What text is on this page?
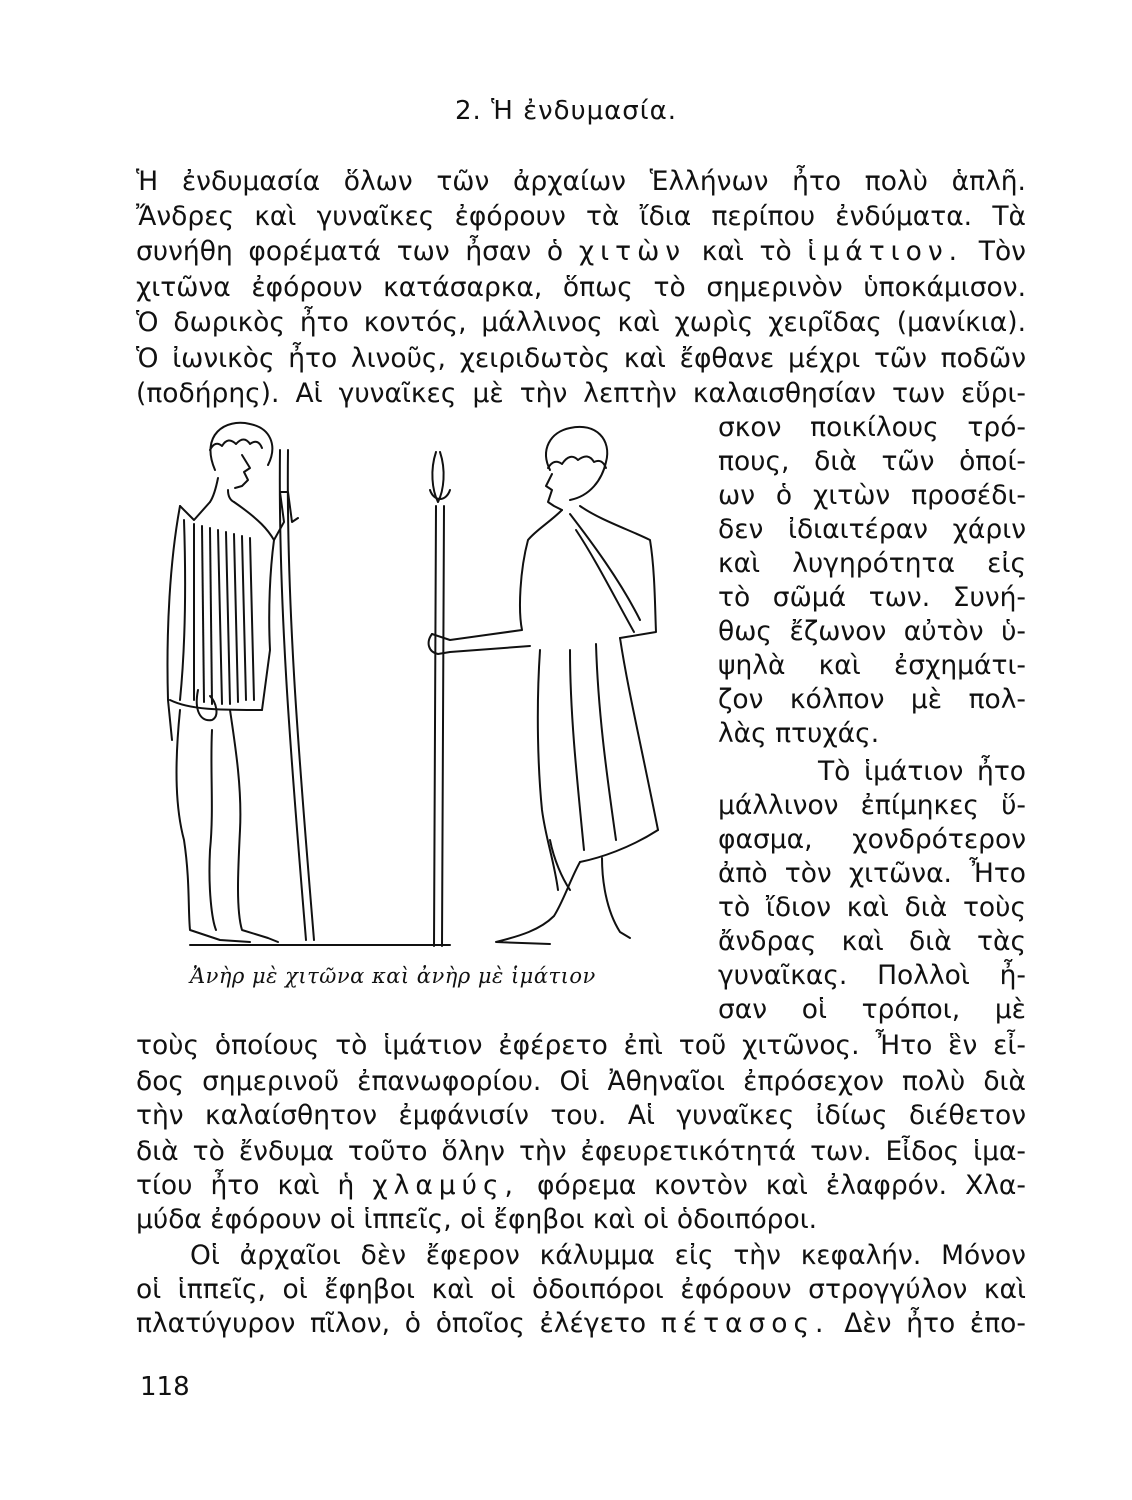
2. Ἡ ἐνδυμασία.
Ἡ ἐνδυμασία ὅλων τῶν ἀρχαίων Ἑλλήνων ἦτο πολὺ ἁπλῆ.
Ἄνδρες καὶ γυναῖκες ἐφόρουν τὰ ἴδια περίπου ἐνδύματα. Τὰ
συνήθη φορέματά των ἦσαν ὁ χιτὼν καὶ τὸ ἱμάτιον. Τὸν
χιτῶνα ἐφόρουν κατάσαρκα, ὅπως τὸ σημερινὸν ὑποκάμισον.
Ὁ δωρικὸς ἦτο κοντός, μάλλινος καὶ χωρὶς χειρῖδας (μανίκια).
Ὁ ἰωνικὸς ἦτο λινοῦς, χειριδωτὸς καὶ ἔφθανε μέχρι τῶν ποδῶν
(ποδήρης). Αἱ γυναῖκες μὲ τὴν λεπτὴν καλαισθησίαν των εὕρι-
σκον ποικίλους τρό-
πους, διὰ τῶν ὁποί-
ων ὁ χιτὼν προσέδι-
δεν ἰδιαιτέραν χάριν
καὶ λυγηρότητα εἰς
τὸ σῶμά των. Συνή-
θως ἔζωνον αὐτὸν ὑ-
ψηλὰ καὶ ἐσχημάτι-
ζον κόλπον μὲ πολ-
λὰς πτυχάς.
Τὸ ἱμάτιον ἦτο
μάλλινον ἐπίμηκες ὕ-
φασμα, χονδρότερον
ἀπὸ τὸν χιτῶνα. Ἦτο
τὸ ἴδιον καὶ διὰ τοὺς
ἄνδρας καὶ διὰ τὰς
γυναῖκας. Πολλοὶ ἦ-
σαν οἱ τρόποι, μὲ
τοὺς ὁποίους τὸ ἱμάτιον ἐφέρετο ἐπὶ τοῦ χιτῶνος. Ἦτο ἓν εἶ-
δος σημερινοῦ ἐπανωφορίου. Οἱ Ἀθηναῖοι ἐπρόσεχον πολὺ διὰ
τὴν καλαίσθητον ἐμφάνισίν του. Αἱ γυναῖκες ἰδίως διέθετον
διὰ τὸ ἔνδυμα τοῦτο ὅλην τὴν ἐφευρετικότητά των. Εἶδος ἱμα-
τίου ἦτο καὶ ἡ χλαμύς, φόρεμα κοντὸν καὶ ἐλαφρόν. Χλα-
μύδα ἐφόρουν οἱ ἱππεῖς, οἱ ἔφηβοι καὶ οἱ ὁδοιπόροι.
Οἱ ἀρχαῖοι δὲν ἔφερον κάλυμμα εἰς τὴν κεφαλήν. Μόνον
οἱ ἱππεῖς, οἱ ἔφηβοι καὶ οἱ ὁδοιπόροι ἐφόρουν στρογγύλον καὶ
πλατύγυρον πῖλον, ὁ ὁποῖος ἐλέγετο πέτασος. Δὲν ἦτο ἐπο-
Ἀνὴρ μὲ χιτῶνα καὶ ἀνὴρ μὲ ἱμάτιον
118
